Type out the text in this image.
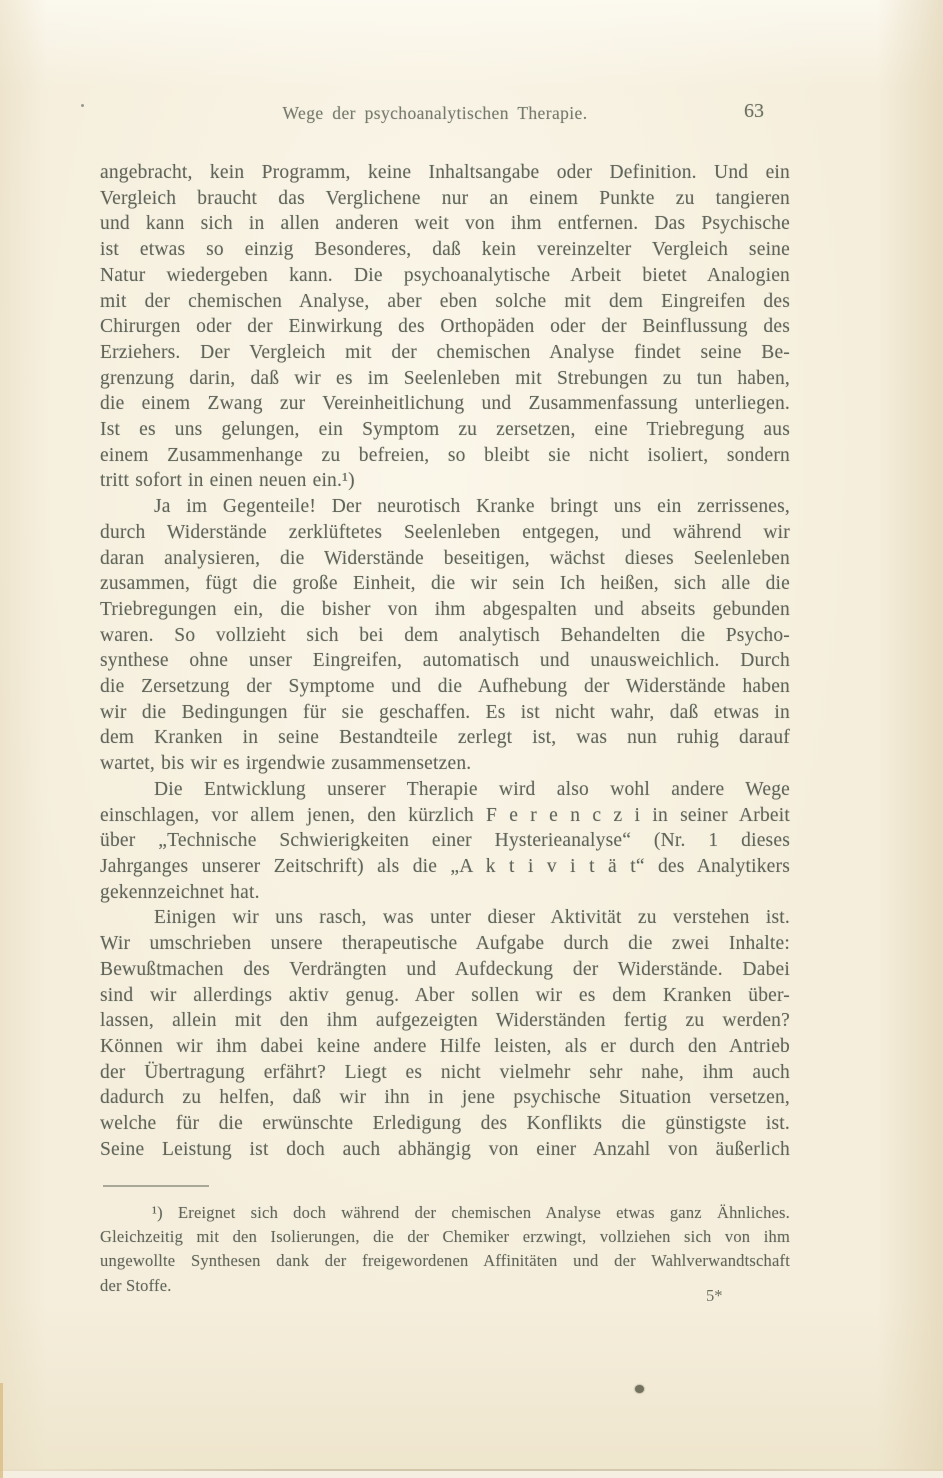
Wege der psychoanalytischen Therapie.	63
angebracht, kein Programm, keine Inhaltsangabe oder Definition. Und ein
Vergleich braucht das Verglichene nur an einem Punkte zu tangieren
und kann sich in allen anderen weit von ihm entfernen. Das Psychische
ist etwas so einzig Besonderes, daß kein vereinzelter Vergleich seine
Natur wiedergeben kann. Die psychoanalytische Arbeit bietet Analogien
mit der chemischen Analyse, aber eben solche mit dem Eingreifen des
Chirurgen oder der Einwirkung des Orthopäden oder der Beinflussung des
Erziehers. Der Vergleich mit der chemischen Analyse findet seine Be-
grenzung darin, daß wir es im Seelenleben mit Strebungen zu tun haben,
die einem Zwang zur Vereinheitlichung und Zusammenfassung unterliegen.
Ist es uns gelungen, ein Symptom zu zersetzen, eine Triebregung aus
einem Zusammenhange zu befreien, so bleibt sie nicht isoliert, sondern
tritt sofort in einen neuen ein.¹)
Ja im Gegenteile! Der neurotisch Kranke bringt uns ein zerrissenes,
durch Widerstände zerklüftetes Seelenleben entgegen, und während wir
daran analysieren, die Widerstände beseitigen, wächst dieses Seelenleben
zusammen, fügt die große Einheit, die wir sein Ich heißen, sich alle die
Triebregungen ein, die bisher von ihm abgespalten und abseits gebunden
waren. So vollzieht sich bei dem analytisch Behandelten die Psycho-
synthese ohne unser Eingreifen, automatisch und unausweichlich. Durch
die Zersetzung der Symptome und die Aufhebung der Widerstände haben
wir die Bedingungen für sie geschaffen. Es ist nicht wahr, daß etwas in
dem Kranken in seine Bestandteile zerlegt ist, was nun ruhig darauf
wartet, bis wir es irgendwie zusammensetzen.
Die Entwicklung unserer Therapie wird also wohl andere Wege
einschlagen, vor allem jenen, den kürzlich F e r e n c z i in seiner Arbeit
über „Technische Schwierigkeiten einer Hysterieanalyse“ (Nr. 1 dieses
Jahrganges unserer Zeitschrift) als die „A k t i v i t ä t“ des Analytikers
gekennzeichnet hat.
Einigen wir uns rasch, was unter dieser Aktivität zu verstehen ist.
Wir umschrieben unsere therapeutische Aufgabe durch die zwei Inhalte:
Bewußtmachen des Verdrängten und Aufdeckung der Widerstände. Dabei
sind wir allerdings aktiv genug. Aber sollen wir es dem Kranken über-
lassen, allein mit den ihm aufgezeigten Widerständen fertig zu werden?
Können wir ihm dabei keine andere Hilfe leisten, als er durch den Antrieb
der Übertragung erfährt? Liegt es nicht vielmehr sehr nahe, ihm auch
dadurch zu helfen, daß wir ihn in jene psychische Situation versetzen,
welche für die erwünschte Erledigung des Konflikts die günstigste ist.
Seine Leistung ist doch auch abhängig von einer Anzahl von äußerlich
¹) Ereignet sich doch während der chemischen Analyse etwas ganz Ähnliches.
Gleichzeitig mit den Isolierungen, die der Chemiker erzwingt, vollziehen sich von ihm
ungewollte Synthesen dank der freigewordenen Affinitäten und der Wahlverwandtschaft
der Stoffe.
5*
